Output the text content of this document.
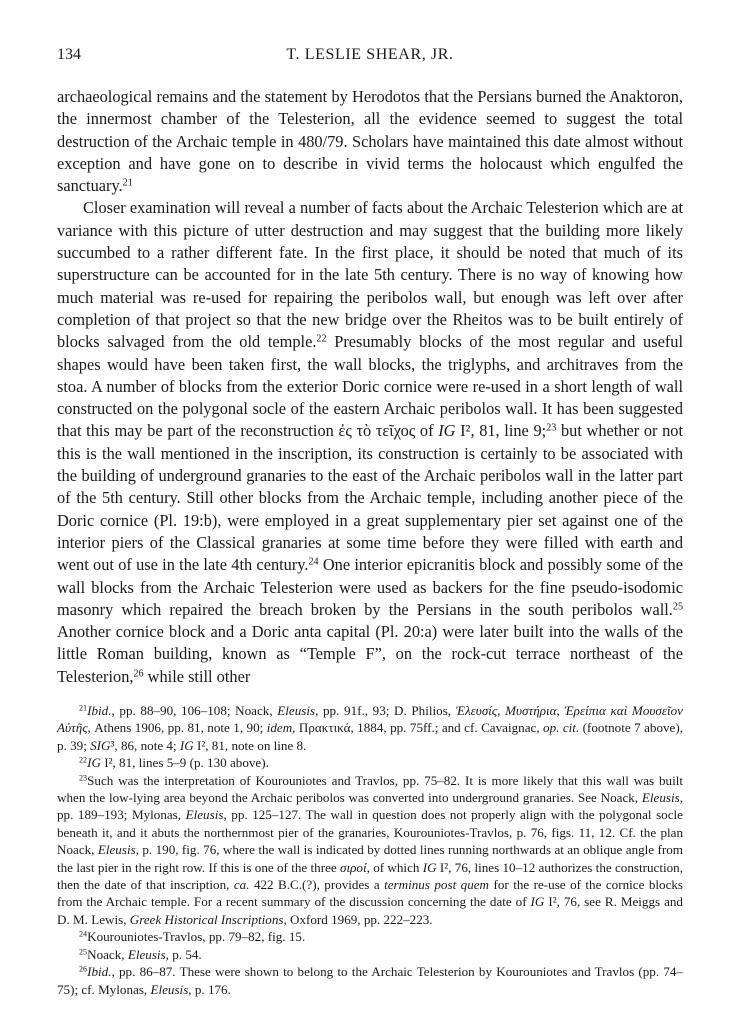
134	T. LESLIE SHEAR, JR.

archaeological remains and the statement by Herodotos that the Persians burned the Anaktoron, the innermost chamber of the Telesterion, all the evidence seemed to suggest the total destruction of the Archaic temple in 480/79. Scholars have maintained this date almost without exception and have gone on to describe in vivid terms the holocaust which engulfed the sanctuary.$^{21}$

Closer examination will reveal a number of facts about the Archaic Telesterion which are at variance with this picture of utter destruction and may suggest that the building more likely succumbed to a rather different fate. In the first place, it should be noted that much of its superstructure can be accounted for in the late 5th century. There is no way of knowing how much material was re-used for repairing the peribolos wall, but enough was left over after completion of that project so that the new bridge over the Rheitos was to be built entirely of blocks salvaged from the old temple.$^{22}$ Presumably blocks of the most regular and useful shapes would have been taken first, the wall blocks, the triglyphs, and architraves from the stoa. A number of blocks from the exterior Doric cornice were re-used in a short length of wall constructed on the polygonal socle of the eastern Archaic peribolos wall. It has been suggested that this may be part of the reconstruction ἐς τὸ τεῖχος of IG I², 81, line 9;$^{23}$ but whether or not this is the wall mentioned in the inscription, its construction is certainly to be associated with the building of underground granaries to the east of the Archaic peribolos wall in the latter part of the 5th century. Still other blocks from the Archaic temple, including another piece of the Doric cornice (Pl. 19:b), were employed in a great supplementary pier set against one of the interior piers of the Classical granaries at some time before they were filled with earth and went out of use in the late 4th century.$^{24}$ One interior epicranitis block and possibly some of the wall blocks from the Archaic Telesterion were used as backers for the fine pseudo-isodomic masonry which repaired the breach broken by the Persians in the south peribolos wall.$^{25}$ Another cornice block and a Doric anta capital (Pl. 20:a) were later built into the walls of the little Roman building, known as “Temple F”, on the rock-cut terrace northeast of the Telesterion,$^{26}$ while still other

$^{21}$Ibid., pp. 88–90, 106–108; Noack, Eleusis, pp. 91f., 93; D. Philios, Ἐλευσίς, Μυστήρια, Ἐρείπια καὶ Μουσεῖον Αὐτῆς, Athens 1906, pp. 81, note 1, 90; idem, Πρακτικά, 1884, pp. 75ff.; and cf. Cavaignac, op. cit. (footnote 7 above), p. 39; SIG³, 86, note 4; IG I², 81, note on line 8.

$^{22}$IG I², 81, lines 5–9 (p. 130 above).

$^{23}$Such was the interpretation of Kourouniotes and Travlos, pp. 75–82. It is more likely that this wall was built when the low-lying area beyond the Archaic peribolos was converted into underground granaries. See Noack, Eleusis, pp. 189–193; Mylonas, Eleusis, pp. 125–127. The wall in question does not properly align with the polygonal socle beneath it, and it abuts the northernmost pier of the granaries, Kourouniotes-Travlos, p. 76, figs. 11, 12. Cf. the plan Noack, Eleusis, p. 190, fig. 76, where the wall is indicated by dotted lines running northwards at an oblique angle from the last pier in the right row. If this is one of the three σιροί, of which IG I², 76, lines 10–12 authorizes the construction, then the date of that inscription, ca. 422 B.C.(?), provides a terminus post quem for the re-use of the cornice blocks from the Archaic temple. For a recent summary of the discussion concerning the date of IG I², 76, see R. Meiggs and D. M. Lewis, Greek Historical Inscriptions, Oxford 1969, pp. 222–223.

$^{24}$Kourouniotes-Travlos, pp. 79–82, fig. 15.

$^{25}$Noack, Eleusis, p. 54.

$^{26}$Ibid., pp. 86–87. These were shown to belong to the Archaic Telesterion by Kourouniotes and Travlos (pp. 74–75); cf. Mylonas, Eleusis, p. 176.
